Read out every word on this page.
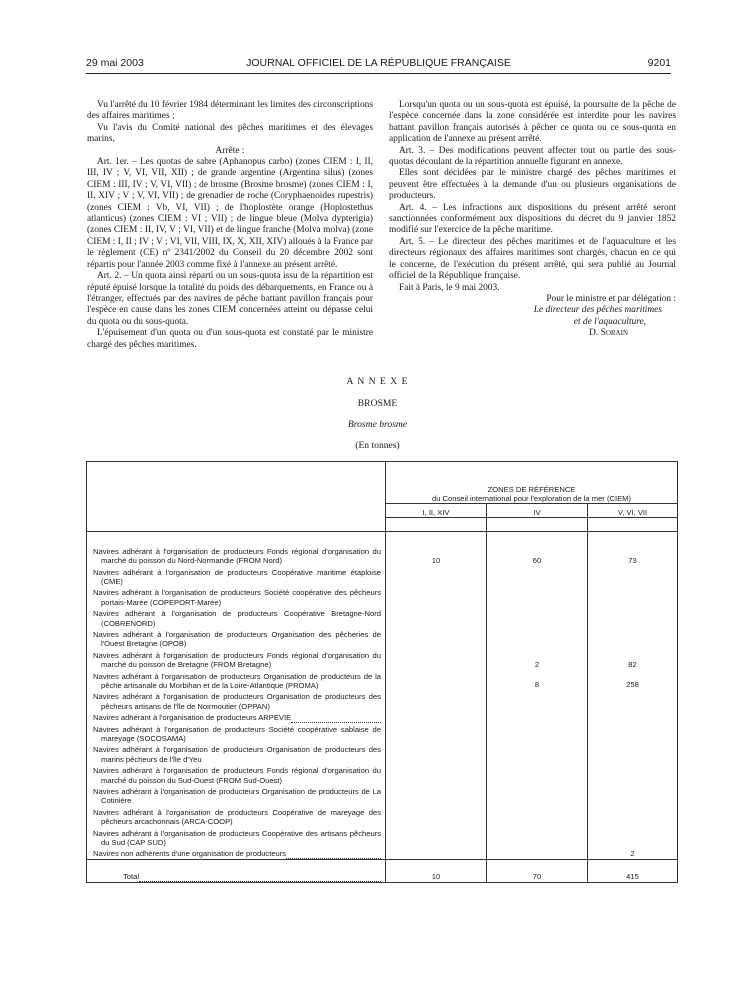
29 mai 2003	JOURNAL OFFICIEL DE LA RÉPUBLIQUE FRANÇAISE	9201

Vu l'arrêté du 10 février 1984 déterminant les limites des circonscriptions des affaires maritimes ;

Vu l'avis du Comité national des pêches maritimes et des élevages marins,

Arrête :

Art. 1er. – Les quotas de sabre (Aphanopus carbo) (zones CIEM : I, II, III, IV ; V, VI, VII, XII) ; de grande argentine (Argentina silus) (zones CIEM : III, IV ; V, VI, VII) ; de brosme (Brosme brosme) (zones CIEM : I, II, XIV ; V ; V, VI, VII) ; de grenadier de roche (Coryphaenoides rupestris) (zones CIEM : Vb, VI, VII) ; de l'hoplostète orange (Hoplostethus atlanticus) (zones CIEM : VI ; VII) ; de lingue bleue (Molva dypterigia) (zones CIEM : II, IV, V ; VI, VII) et de lingue franche (Molva molva) (zone CIEM : I, II ; IV ; V ; VI, VII, VIII, IX, X, XII, XIV) alloués à la France par le règlement (CE) nº 2341/2002 du Conseil du 20 décembre 2002 sont répartis pour l'année 2003 comme fixé à l'annexe au présent arrêté.

Art. 2. – Un quota ainsi réparti ou un sous-quota issu de la répartition est réputé épuisé lorsque la totalité du poids des débarquements, en France ou à l'étranger, effectués par des navires de pêche battant pavillon français pour l'espèce en cause dans les zones CIEM concernées atteint ou dépasse celui du quota ou du sous-quota.

L'épuisement d'un quota ou d'un sous-quota est constaté par le ministre chargé des pêches maritimes.

Lorsqu'un quota ou un sous-quota est épuisé, la poursuite de la pêche de l'espèce concernée dans la zone considérée est interdite pour les navires battant pavillon français autorisés à pêcher ce quota ou ce sous-quota en application de l'annexe au présent arrêté.

Art. 3. – Des modifications peuvent affecter tout ou partie des sous-quotas découlant de la répartition annuelle figurant en annexe.

Elles sont décidées par le ministre chargé des pêches maritimes et peuvent être effectuées à la demande d'un ou plusieurs organisations de producteurs.

Art. 4. – Les infractions aux dispositions du présent arrêté seront sanctionnées conformément aux dispositions du décret du 9 janvier 1852 modifié sur l'exercice de la pêche maritime.

Art. 5. – Le directeur des pêches maritimes et de l'aquaculture et les directeurs régionaux des affaires maritimes sont chargés, chacun en ce qui le concerne, de l'exécution du présent arrêté, qui sera publié au Journal officiel de la République française.

Fait à Paris, le 9 mai 2003.

Pour le ministre et par délégation :

Le directeur des pêches maritimes

et de l'aquaculture,

D. Sorain

A N N E X E
BROSME
Brosme brosme
(En tonnes)

	ZONES DE RÉFÉRENCE
du Conseil international pour l'exploration de la mer (CIEM)		

	I, II, XIV	IV	V, VI, VII

Navires adhérant à l'organisation de producteurs Fonds régional d'organisation du marché du poisson du Nord-Normandie (FROM Nord)	10	60	73

Navires adhérant à l'organisation de producteurs Coopérative maritime étaploise (CME)			

Navires adhérant à l'organisation de producteurs Société coopérative des pêcheurs portais-Marée (COPEPORT-Marée)			

Navires adhérant à l'organisation de producteurs Coopérative Bretagne-Nord (COBRENORD)			

Navires adhérant à l'organisation de producteurs Organisation des pêcheries de l'Ouest Bretagne (OPOB)			

Navires adhérant à l'organisation de producteurs Fonds régional d'organisation du marché du poisson de Bretagne (FROM Bretagne)		2	82

Navires adhérant à l'organisation de producteurs Organisation de producteurs de la pêche artisanale du Morbihan et de la Loire-Atlantique (PROMA)		8	258

Navires adhérant à l'organisation de producteurs Organisation de producteurs des pêcheurs artisans de l'île de Noirmoutier (OPPAN)			

Navires adhérant à l'organisation de producteurs ARPEVIE			

Navires adhérant à l'organisation de producteurs Société coopérative sablaise de mareyage (SOCOSAMA)			

Navires adhérant à l'organisation de producteurs Organisation de producteurs des marins pêcheurs de l'île d'Yeu			

Navires adhérant à l'organisation de producteurs Fonds régional d'organisation du marché du poisson du Sud-Ouest (FROM Sud-Ouest)			

Navires adhérant à l'organisation de producteurs Organisation de producteurs de La Cotinière			

Navires adhérant à l'organisation de producteurs Coopérative de mareyage des pêcheurs arcachonnais (ARCA-COOP)			

Navires adhérant à l'organisation de producteurs Coopérative des artisans pêcheurs du Sud (CAP SUD)			

Navires non adhérents d'une organisation de producteurs			2

Total	10	70	415
